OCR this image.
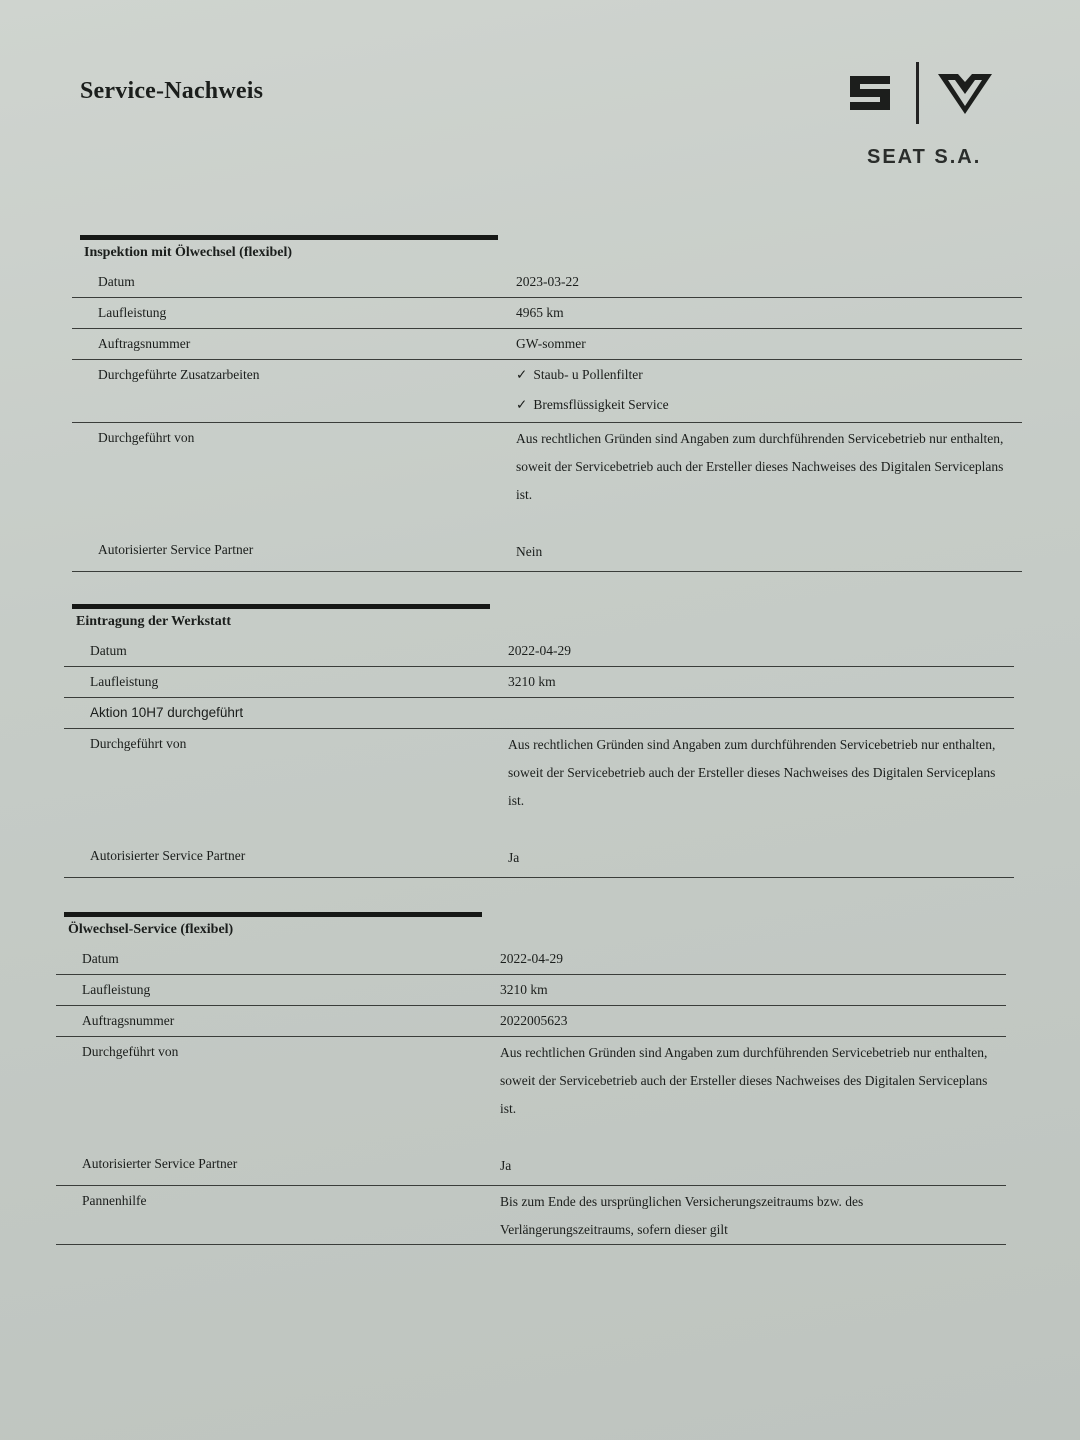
Service-Nachweis
SEAT S.A.
Inspektion mit Ölwechsel (flexibel)
Datum	2023-03-22
Laufleistung	4965 km
Auftragsnummer	GW-sommer
Durchgeführte Zusatzarbeiten	✓ Staub- u Pollenfilter
✓ Bremsflüssigkeit Service
Durchgeführt von	Aus rechtlichen Gründen sind Angaben zum durchführenden Servicebetrieb nur enthalten, soweit der Servicebetrieb auch der Ersteller dieses Nachweises des Digitalen Serviceplans ist.
Autorisierter Service Partner	Nein
Eintragung der Werkstatt
Datum	2022-04-29
Laufleistung	3210 km
Aktion 10H7 durchgeführt

Durchgeführt von	Aus rechtlichen Gründen sind Angaben zum durchführenden Servicebetrieb nur enthalten, soweit der Servicebetrieb auch der Ersteller dieses Nachweises des Digitalen Serviceplans ist.
Autorisierter Service Partner	Ja
Ölwechsel-Service (flexibel)
Datum	2022-04-29
Laufleistung	3210 km
Auftragsnummer	2022005623
Durchgeführt von	Aus rechtlichen Gründen sind Angaben zum durchführenden Servicebetrieb nur enthalten, soweit der Servicebetrieb auch der Ersteller dieses Nachweises des Digitalen Serviceplans ist.
Autorisierter Service Partner	Ja
Pannenhilfe	Bis zum Ende des ursprünglichen Versicherungszeitraums bzw. des Verlängerungszeitraums, sofern dieser gilt
